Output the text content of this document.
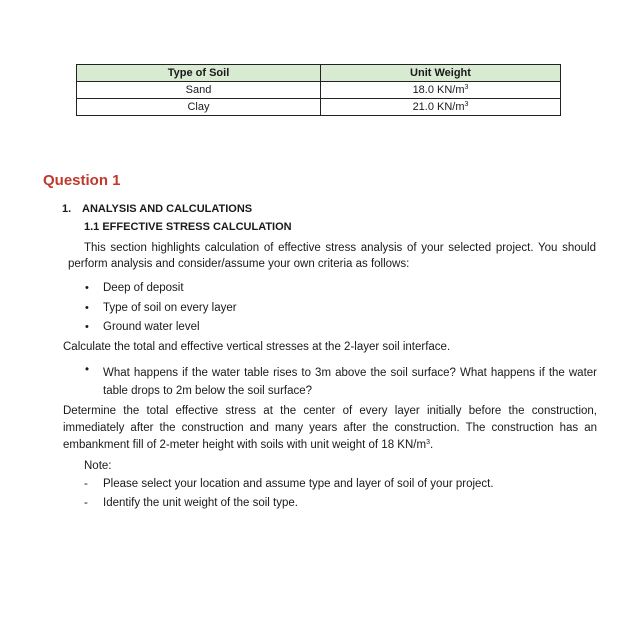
Type of Soil	Unit Weight
Sand	18.0 $KN/m^3$
Clay	21.0 $KN/m^3$
Question 1
1. ANALYSIS AND CALCULATIONS
1.1 EFFECTIVE STRESS CALCULATION
This section highlights calculation of effective stress analysis of your selected project. You should perform analysis and consider/assume your own criteria as follows:
• Deep of deposit
• Type of soil on every layer
• Ground water level
Calculate the total and effective vertical stresses at the 2-layer soil interface.
• What happens if the water table rises to 3m above the soil surface? What happens if the water table drops to 2m below the soil surface?
Determine the total effective stress at the center of every layer initially before the construction, immediately after the construction and many years after the construction. The construction has an embankment fill of 2-meter height with soils with unit weight of 18 $KN/m^3$.
Note:
- Please select your location and assume type and layer of soil of your project.
- Identify the unit weight of the soil type.
